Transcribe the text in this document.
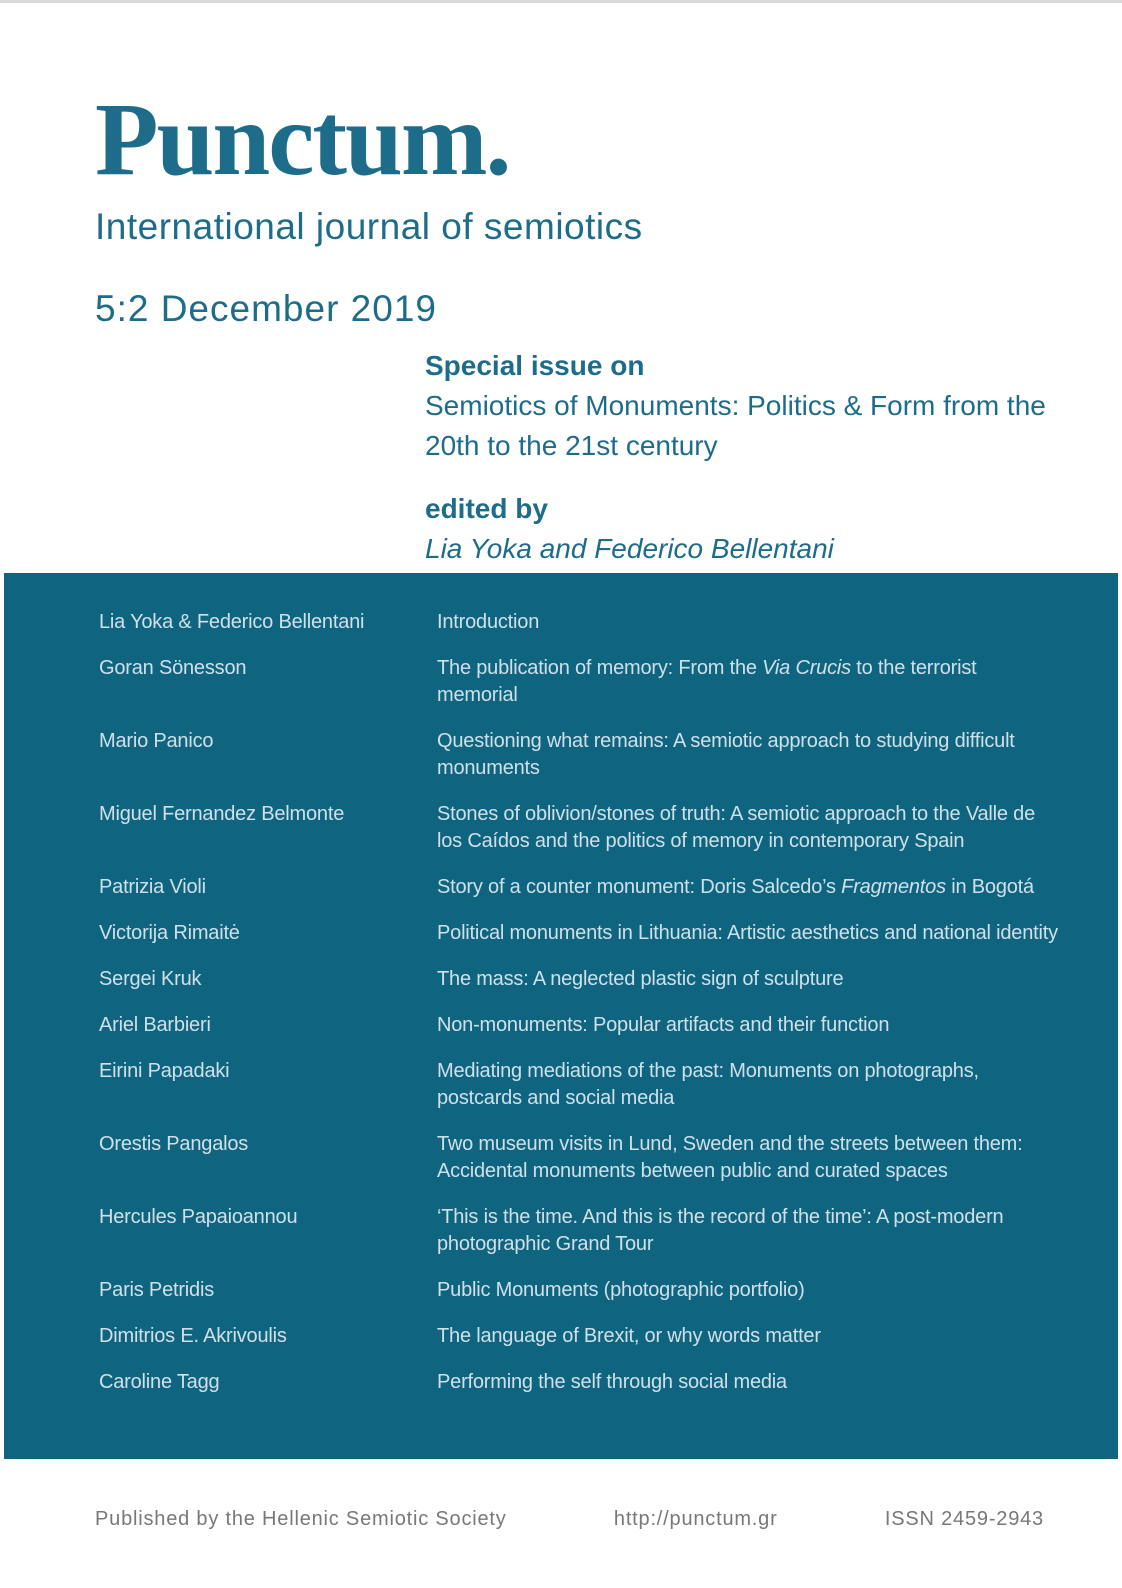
Punctum.
International journal of semiotics
5:2 December 2019
Special issue on
Semiotics of Monuments: Politics & Form from the 20th to the 21st century
edited by
Lia Yoka and Federico Bellentani
Lia Yoka & Federico Bellentani	Introduction
Goran Sönesson	The publication of memory: From the Via Crucis to the terrorist memorial
Mario Panico	Questioning what remains: A semiotic approach to studying difficult monuments
Miguel Fernandez Belmonte	Stones of oblivion/stones of truth: A semiotic approach to the Valle de los Caídos and the politics of memory in contemporary Spain
Patrizia Violi	Story of a counter monument: Doris Salcedo’s Fragmentos in Bogotá
Victorija Rimaitė	Political monuments in Lithuania: Artistic aesthetics and national identity
Sergei Kruk	The mass: A neglected plastic sign of sculpture
Ariel Barbieri	Non-monuments: Popular artifacts and their function
Eirini Papadaki	Mediating mediations of the past: Monuments on photographs, postcards and social media
Orestis Pangalos	Two museum visits in Lund, Sweden and the streets between them: Accidental monuments between public and curated spaces
Hercules Papaioannou	‘This is the time. And this is the record of the time’: A post-modern photographic Grand Tour
Paris Petridis	Public Monuments (photographic portfolio)
Dimitrios E. Akrivoulis	The language of Brexit, or why words matter
Caroline Tagg	Performing the self through social media
Published by the Hellenic Semiotic Society	http://punctum.gr	ISSN 2459-2943
